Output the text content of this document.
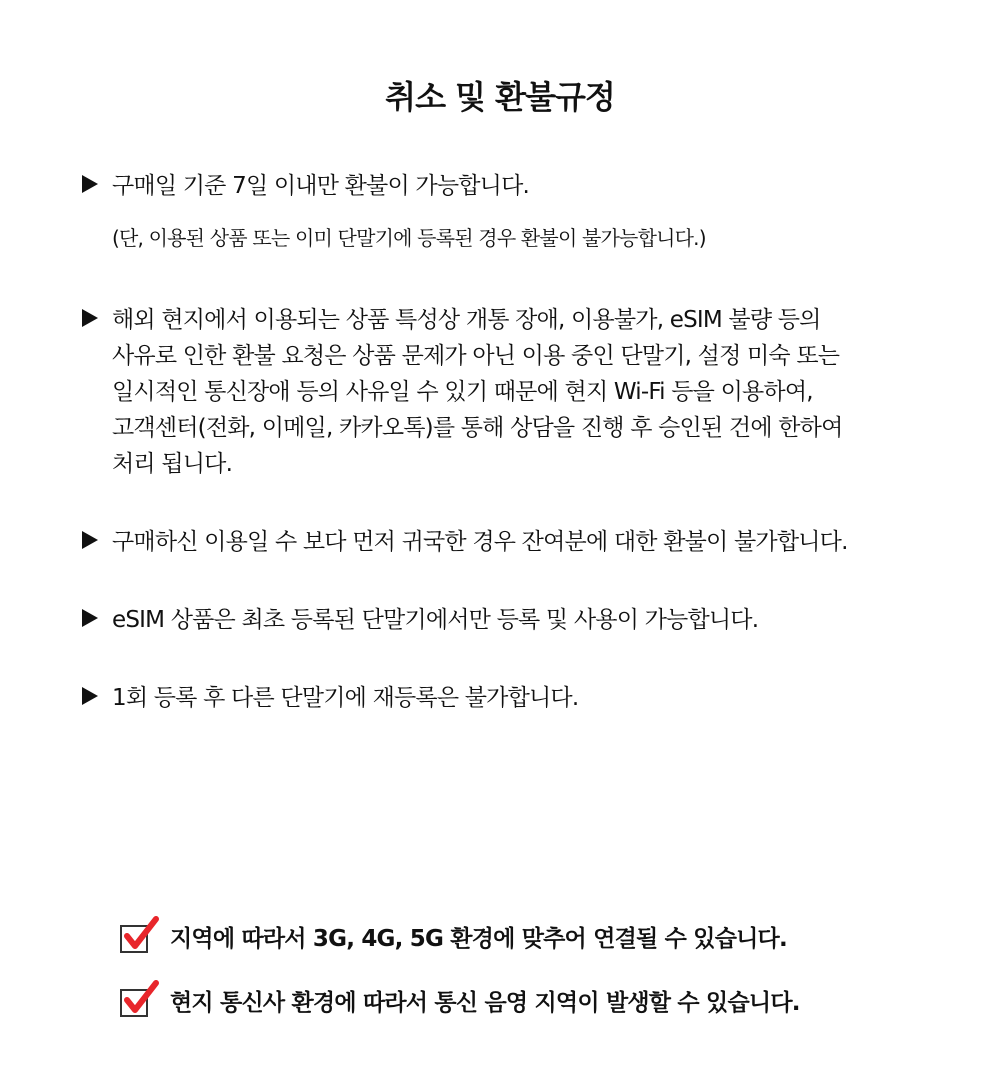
취소 및 환불규정
구매일 기준 7일 이내만 환불이 가능합니다.
(단, 이용된 상품 또는 이미 단말기에 등록된 경우 환불이 불가능합니다.)
해외 현지에서 이용되는 상품 특성상 개통 장애, 이용불가, eSIM 불량 등의
사유로 인한 환불 요청은 상품 문제가 아닌 이용 중인 단말기, 설정 미숙 또는
일시적인 통신장애 등의 사유일 수 있기 때문에 현지 Wi-Fi 등을 이용하여,
고객센터(전화, 이메일, 카카오톡)를 통해 상담을 진행 후 승인된 건에 한하여
처리 됩니다.
구매하신 이용일 수 보다 먼저 귀국한 경우 잔여분에 대한 환불이 불가합니다.
eSIM 상품은 최초 등록된 단말기에서만 등록 및 사용이 가능합니다.
1회 등록 후 다른 단말기에 재등록은 불가합니다.
지역에 따라서 3G, 4G, 5G 환경에 맞추어 연결될 수 있습니다.
현지 통신사 환경에 따라서 통신 음영 지역이 발생할 수 있습니다.
